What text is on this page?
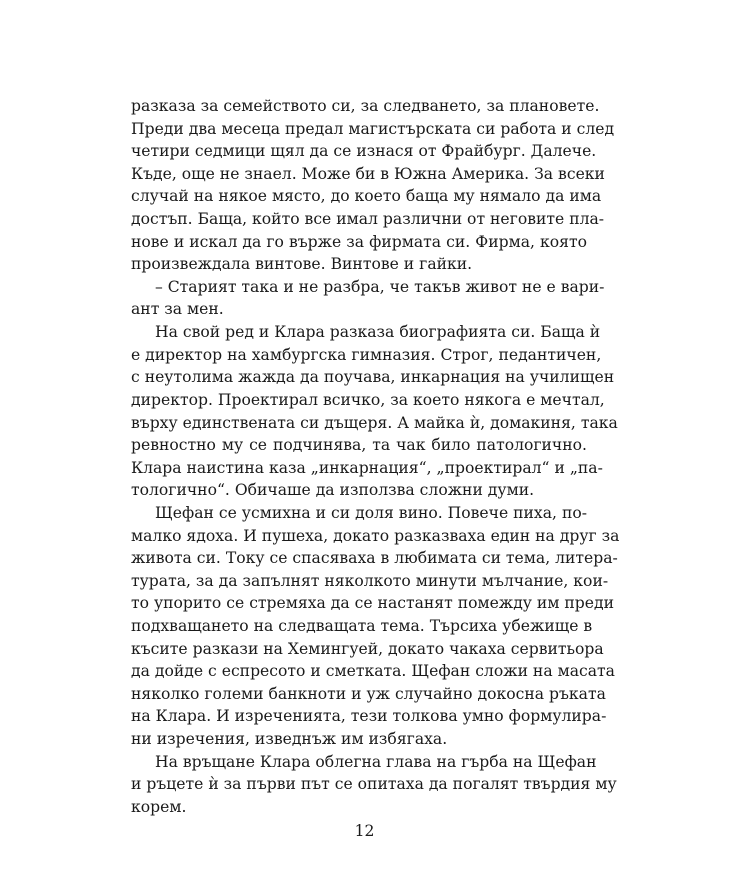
разказа за семейството си, за следването, за плановете.
Преди два месеца предал магистърската си работа и след
четири седмици щял да се изнася от Фрайбург. Далече.
Къде, още не знаел. Може би в Южна Америка. За всеки
случай на някое място, до което баща му нямало да има
достъп. Баща, който все имал различни от неговите пла-
нове и искал да го върже за фирмата си. Фирма, която
произвеждала винтове. Винтове и гайки.
– Старият така и не разбра, че такъв живот не е вари-
ант за мен.
На свой ред и Клара разказа биографията си. Баща ѝ
е директор на хамбургска гимназия. Строг, педантичен,
с неутолима жажда да поучава, инкарнация на училищен
директор. Проектирал всичко, за което някога е мечтал,
върху единствената си дъщеря. А майка ѝ, домакиня, така
ревностно му се подчинява, та чак било патологично.
Клара наистина каза „инкарнация“, „проектирал“ и „па-
тологично“. Обичаше да използва сложни думи.
Щефан се усмихна и си доля вино. Повече пиха, по-
малко ядоха. И пушеха, докато разказваха един на друг за
живота си. Току се спасяваха в любимата си тема, литера-
турата, за да запълнят няколкото минути мълчание, кои-
то упорито се стремяха да се настанят помежду им преди
подхващането на следващата тема. Търсиха убежище в
късите разкази на Хемингуей, докато чакаха сервитьора
да дойде с еспресото и сметката. Щефан сложи на масата
няколко големи банкноти и уж случайно докосна ръката
на Клара. И изреченията, тези толкова умно формулира-
ни изречения, изведнъж им избягаха.
На връщане Клара облегна глава на гърба на Щефан
и ръцете ѝ за първи път се опитаха да погалят твърдия му
корем.
12
